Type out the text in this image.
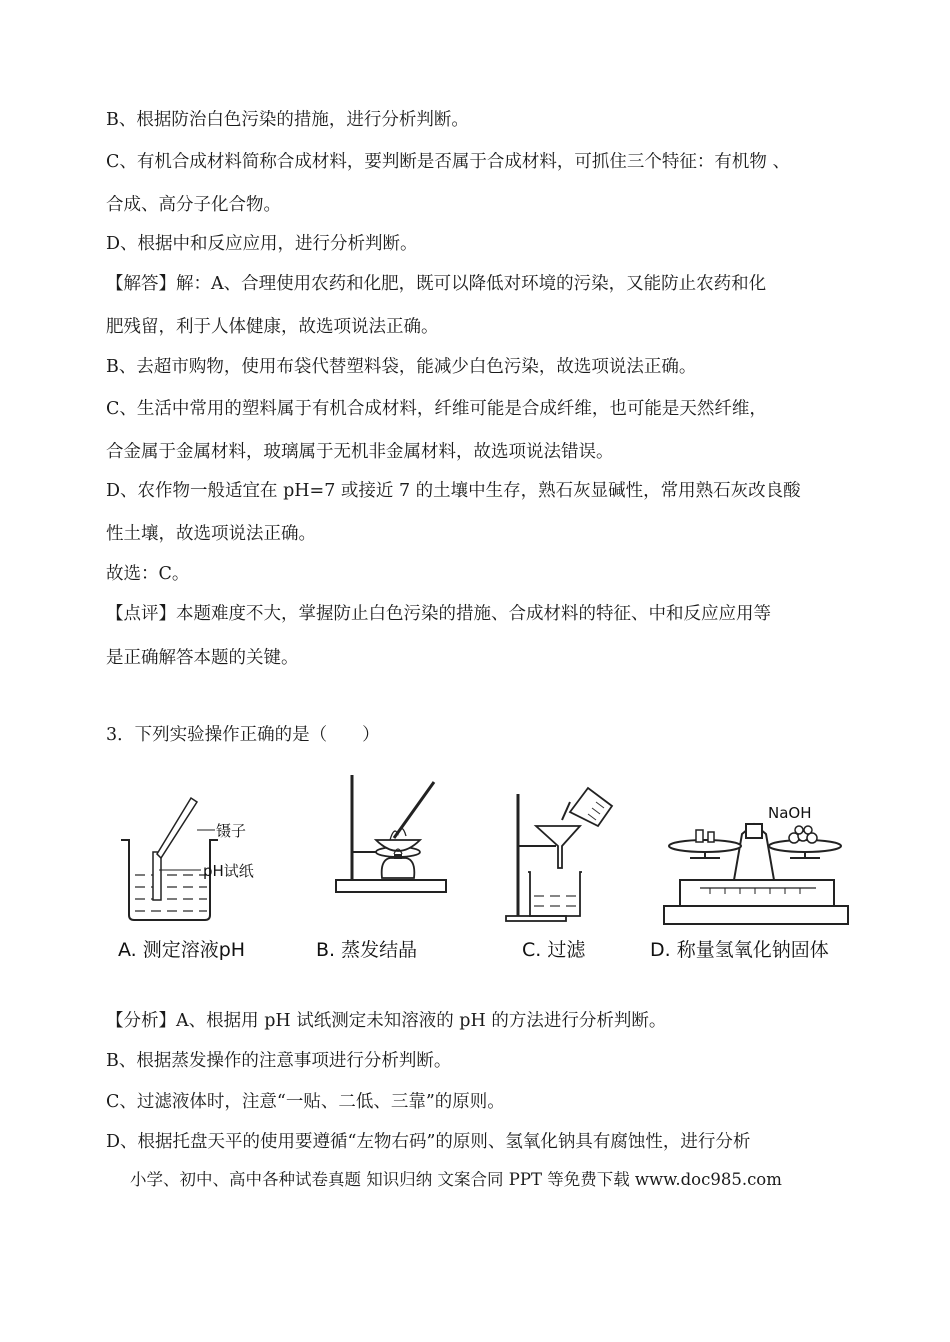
B、根据防治白色污染的措施，进行分析判断。
C、有机合成材料简称合成材料，要判断是否属于合成材料，可抓住三个特征：有机物 、
合成、高分子化合物。
D、根据中和反应应用，进行分析判断。
【解答】解：A、合理使用农药和化肥，既可以降低对环境的污染，又能防止农药和化
肥残留，利于人体健康，故选项说法正确。
B、去超市购物，使用布袋代替塑料袋，能减少白色污染，故选项说法正确。
C、生活中常用的塑料属于有机合成材料，纤维可能是合成纤维，也可能是天然纤维，
合金属于金属材料，玻璃属于无机非金属材料，故选项说法错误。
D、农作物一般适宜在 pH=7 或接近 7 的土壤中生存，熟石灰显碱性，常用熟石灰改良酸
性土壤，故选项说法正确。
故选：C。
【点评】本题难度不大，掌握防止白色污染的措施、合成材料的特征、中和反应应用等
是正确解答本题的关键。
3．下列实验操作正确的是（　　）
镊子
pH试纸
NaOH
A. 测定溶液pH	B. 蒸发结晶	C. 过滤	D. 称量氢氧化钠固体
【分析】A、根据用 pH 试纸测定未知溶液的 pH 的方法进行分析判断。
B、根据蒸发操作的注意事项进行分析判断。
C、过滤液体时，注意“一贴、二低、三靠”的原则。
D、根据托盘天平的使用要遵循“左物右码”的原则、氢氧化钠具有腐蚀性，进行分析
小学、初中、高中各种试卷真题 知识归纳 文案合同 PPT 等免费下载 www.doc985.com
